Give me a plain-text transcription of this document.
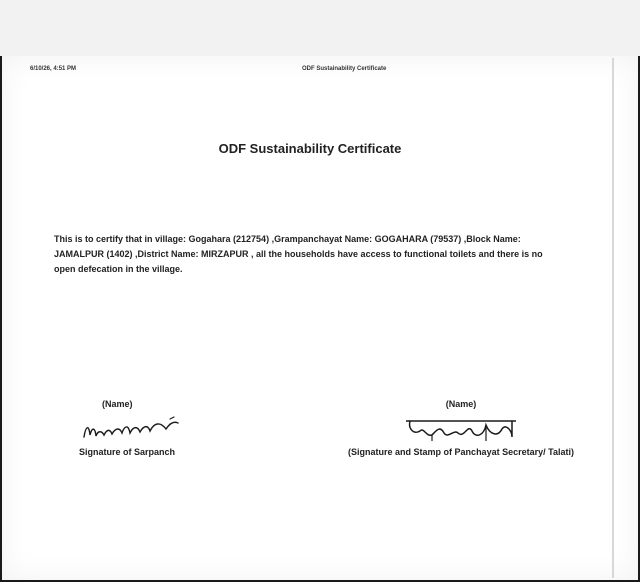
6/10/26, 4:51 PM	ODF Sustainability Certificate
ODF Sustainability Certificate

This is to certify that in village: Gogahara (212754) ,Grampanchayat Name: GOGAHARA (79537) ,Block Name: JAMALPUR (1402) ,District Name: MIRZAPUR , all the households have access to functional toilets and there is no open defecation in the village.

(Name)
Signature of Sarpanch
(Name)
(Signature and Stamp of Panchayat Secretary/ Talati)
